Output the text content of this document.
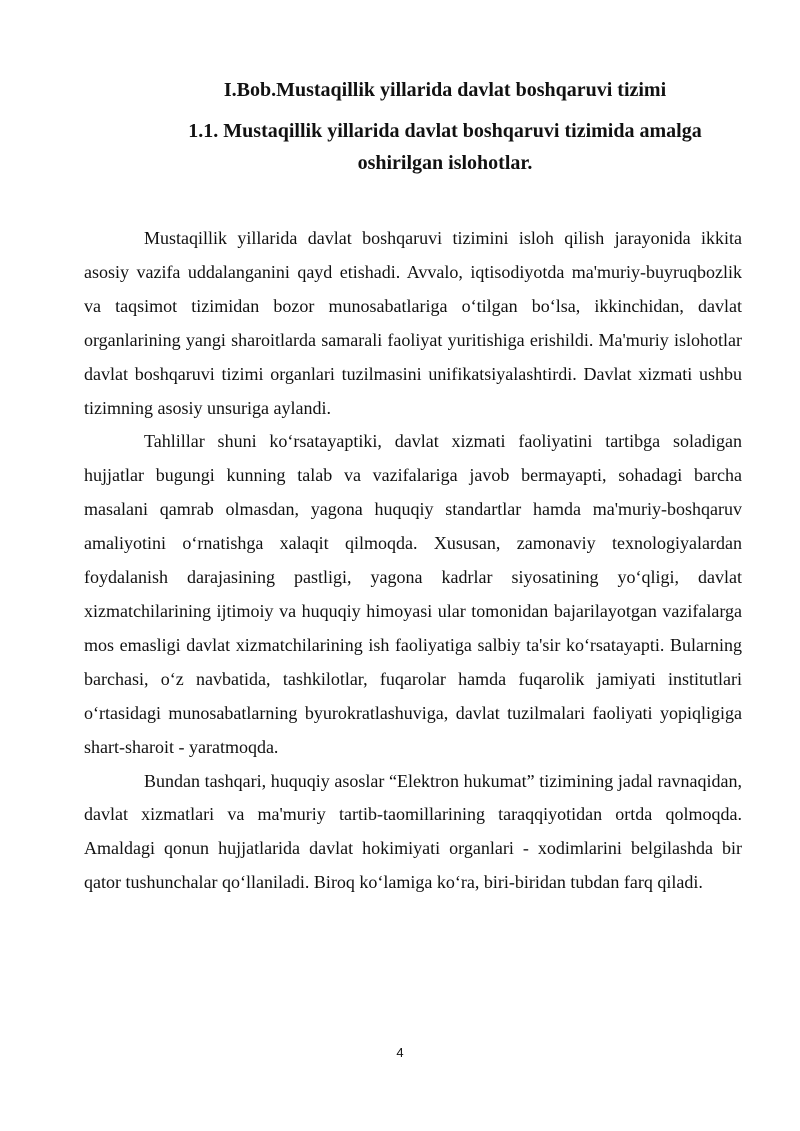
I.Bob.Mustaqillik yillarida davlat boshqaruvi tizimi
1.1. Mustaqillik yillarida davlat boshqaruvi tizimida amalga
oshirilgan islohotlar.

Mustaqillik yillarida davlat boshqaruvi tizimini isloh qilish jarayonida ikkita asosiy vazifa uddalanganini qayd etishadi. Avvalo, iqtisodiyotda ma'muriy-buyruqbozlik va taqsimot tizimidan bozor munosabatlariga o‘tilgan bo‘lsa, ikkinchidan, davlat organlarining yangi sharoitlarda samarali faoliyat yuritishiga erishildi. Ma'muriy islohotlar davlat boshqaruvi tizimi organlari tuzilmasini unifikatsiyalashtirdi. Davlat xizmati ushbu tizimning asosiy unsuriga aylandi.

Tahlillar shuni ko‘rsatayaptiki, davlat xizmati faoliyatini tartibga soladigan hujjatlar bugungi kunning talab va vazifalariga javob bermayapti, sohadagi barcha masalani qamrab olmasdan, yagona huquqiy standartlar hamda ma'muriy-boshqaruv amaliyotini o‘rnatishga xalaqit qilmoqda. Xususan, zamonaviy texnologiyalardan foydalanish darajasining pastligi, yagona kadrlar siyosatining yo‘qligi, davlat xizmatchilarining ijtimoiy va huquqiy himoyasi ular tomonidan bajarilayotgan vazifalarga mos emasligi davlat xizmatchilarining ish faoliyatiga salbiy ta'sir ko‘rsatayapti. Bularning barchasi, o‘z navbatida, tashkilotlar, fuqarolar hamda fuqarolik jamiyati institutlari o‘rtasidagi munosabatlarning byurokratlashuviga, davlat tuzilmalari faoliyati yopiqligiga shart-sharoit - yaratmoqda.

Bundan tashqari, huquqiy asoslar “Elektron hukumat” tizimining jadal ravnaqidan, davlat xizmatlari va ma'muriy tartib-taomillarining taraqqiyotidan ortda qolmoqda. Amaldagi qonun hujjatlarida davlat hokimiyati organlari - xodimlarini belgilashda bir qator tushunchalar qo‘llaniladi. Biroq ko‘lamiga ko‘ra, biri-biridan tubdan farq qiladi.

4
